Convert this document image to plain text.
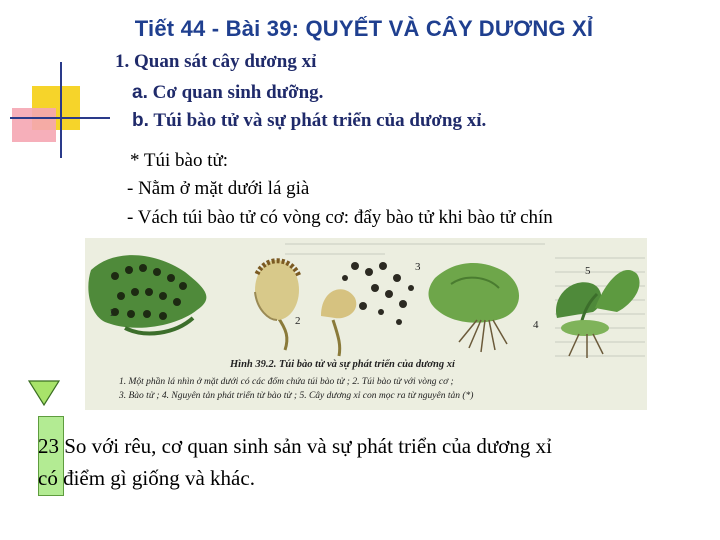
Tiết 44 - Bài 39: QUYẾT VÀ CÂY DƯƠNG XỈ
1. Quan sát cây dương xỉ
a. Cơ quan sinh dưỡng.
b. Túi bào tử và sự phát triển của dương xỉ.
* Túi bào tử:
- Nằm ở mặt dưới lá già
- Vách túi bào tử có vòng cơ: đẩy bào tử khi bào tử chín
1
2
3
4
5
Hình 39.2. Túi bào tử và sự phát triển của dương xỉ
1. Một phần lá nhìn ở mặt dưới có các đốm chứa túi bào tử ; 2. Túi bào tử với vòng cơ ;
3. Bào tử ; 4. Nguyên tản phát triển từ bào tử ; 5. Cây dương xỉ con mọc ra từ nguyên tản (*)
23 So với rêu, cơ quan sinh sản và sự phát triển của dương xỉ
có điểm gì giống và khác.
